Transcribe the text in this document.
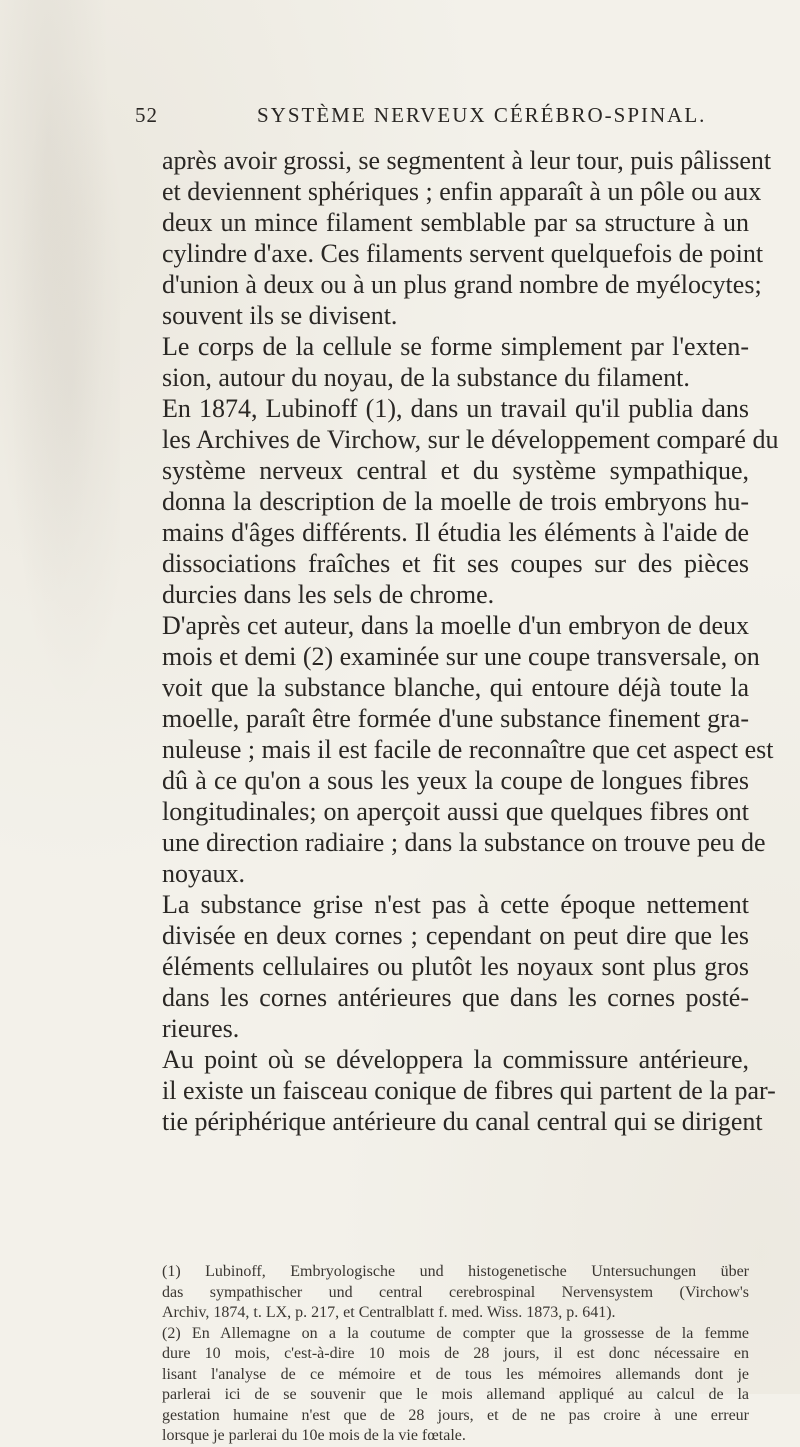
52	SYSTÈME NERVEUX CÉRÉBRO-SPINAL.
après avoir grossi, se segmentent à leur tour, puis pâlissent
et deviennent sphériques ; enfin apparaît à un pôle ou aux
deux un mince filament semblable par sa structure à un
cylindre d'axe. Ces filaments servent quelquefois de point
d'union à deux ou à un plus grand nombre de myélocytes;
souvent ils se divisent.
Le corps de la cellule se forme simplement par l'exten-
sion, autour du noyau, de la substance du filament.
En 1874, Lubinoff (1), dans un travail qu'il publia dans
les Archives de Virchow, sur le développement comparé du
système nerveux central et du système sympathique,
donna la description de la moelle de trois embryons hu-
mains d'âges différents. Il étudia les éléments à l'aide de
dissociations fraîches et fit ses coupes sur des pièces
durcies dans les sels de chrome.
D'après cet auteur, dans la moelle d'un embryon de deux
mois et demi (2) examinée sur une coupe transversale, on
voit que la substance blanche, qui entoure déjà toute la
moelle, paraît être formée d'une substance finement gra-
nuleuse ; mais il est facile de reconnaître que cet aspect est
dû à ce qu'on a sous les yeux la coupe de longues fibres
longitudinales; on aperçoit aussi que quelques fibres ont
une direction radiaire ; dans la substance on trouve peu de
noyaux.
La substance grise n'est pas à cette époque nettement
divisée en deux cornes ; cependant on peut dire que les
éléments cellulaires ou plutôt les noyaux sont plus gros
dans les cornes antérieures que dans les cornes posté-
rieures.
Au point où se développera la commissure antérieure,
il existe un faisceau conique de fibres qui partent de la par-
tie périphérique antérieure du canal central qui se dirigent
(1) Lubinoff, Embryologische und histogenetische Untersuchungen über
das sympathischer und central cerebrospinal Nervensystem (Virchow's
Archiv, 1874, t. LX, p. 217, et Centralblatt f. med. Wiss. 1873, p. 641).
(2) En Allemagne on a la coutume de compter que la grossesse de la femme
dure 10 mois, c'est-à-dire 10 mois de 28 jours, il est donc nécessaire en
lisant l'analyse de ce mémoire et de tous les mémoires allemands dont je
parlerai ici de se souvenir que le mois allemand appliqué au calcul de la
gestation humaine n'est que de 28 jours, et de ne pas croire à une erreur
lorsque je parlerai du 10e mois de la vie fœtale.
